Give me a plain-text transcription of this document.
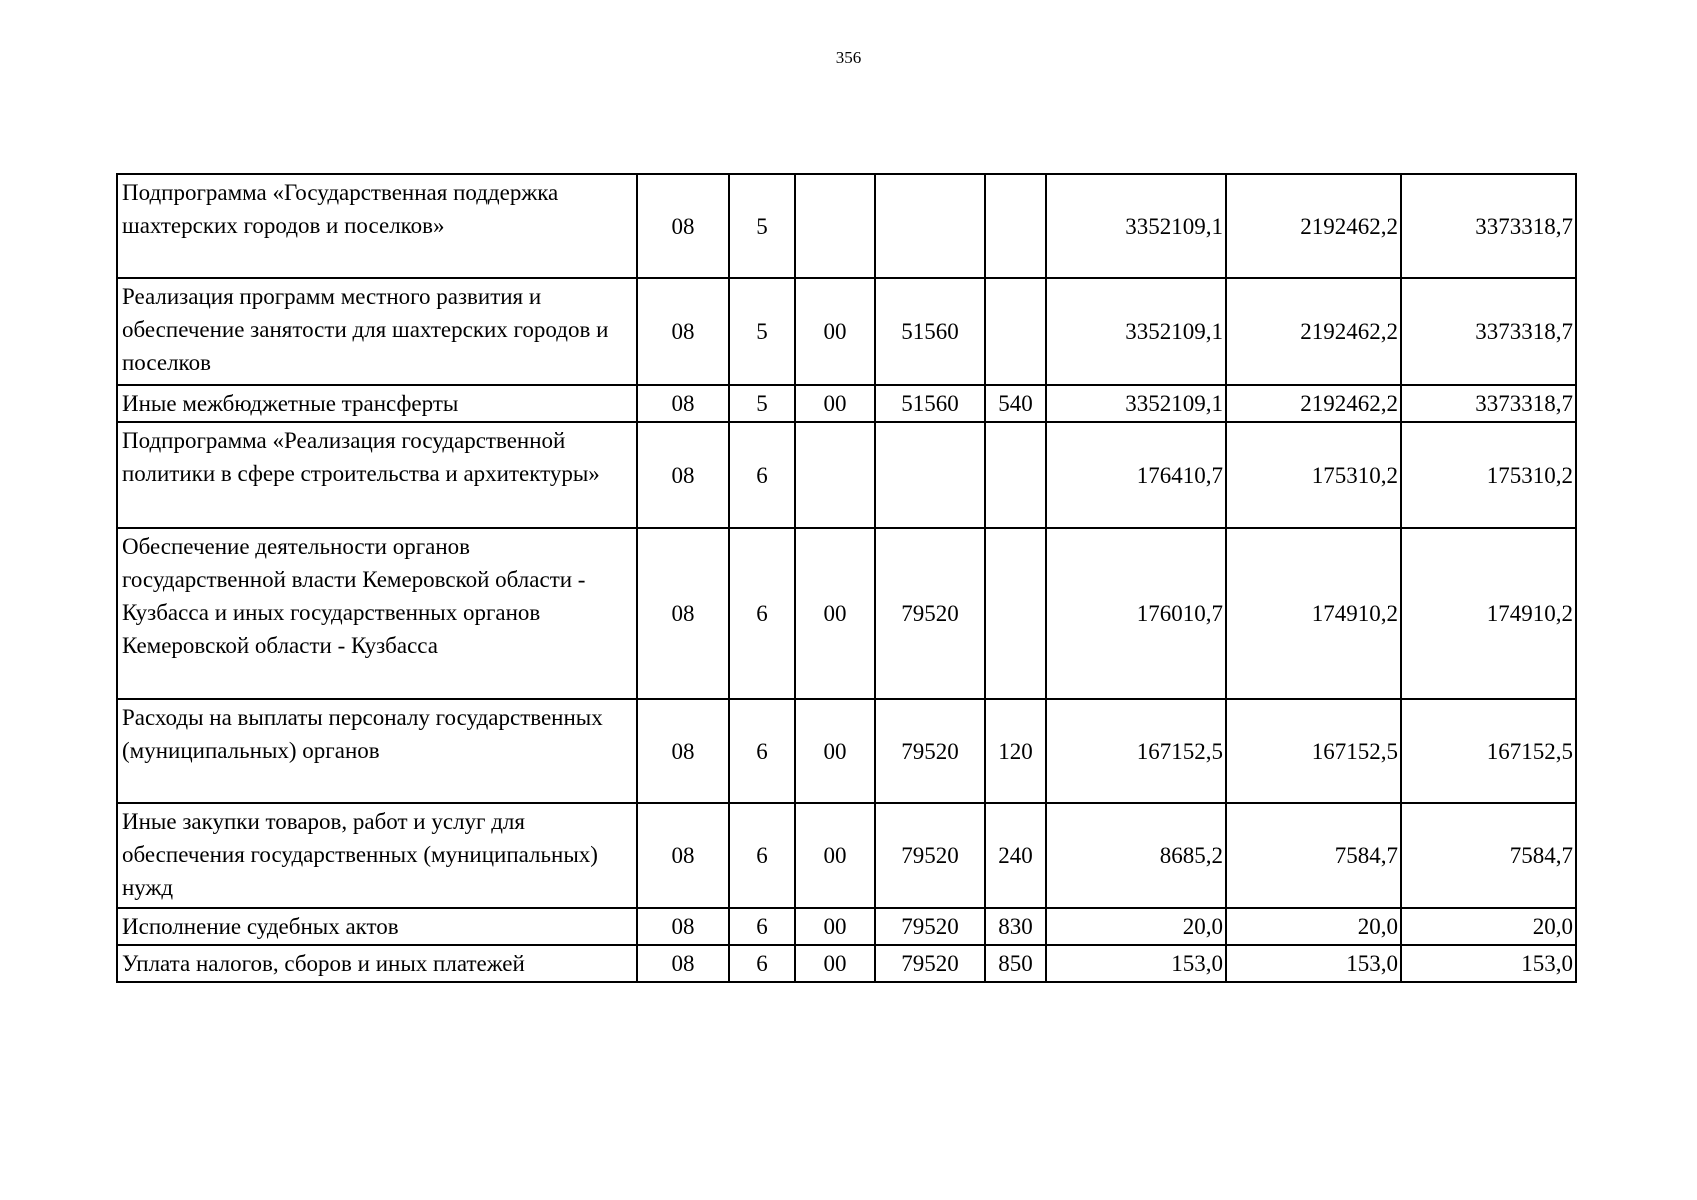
356
Подпрограмма «Государственная поддержка шахтерских городов и поселков»	08	5				3352109,1	2192462,2	3373318,7
Реализация программ местного развития и обеспечение занятости для шахтерских городов и поселков	08	5	00	51560		3352109,1	2192462,2	3373318,7
Иные межбюджетные трансферты	08	5	00	51560	540	3352109,1	2192462,2	3373318,7
Подпрограмма «Реализация государственной политики в сфере строительства и архитектуры»	08	6				176410,7	175310,2	175310,2
Обеспечение деятельности органов государственной власти Кемеровской области - Кузбасса и иных государственных органов Кемеровской области - Кузбасса	08	6	00	79520		176010,7	174910,2	174910,2
Расходы на выплаты персоналу государственных (муниципальных) органов	08	6	00	79520	120	167152,5	167152,5	167152,5
Иные закупки товаров, работ и услуг для обеспечения государственных (муниципальных) нужд	08	6	00	79520	240	8685,2	7584,7	7584,7
Исполнение судебных актов	08	6	00	79520	830	20,0	20,0	20,0
Уплата налогов, сборов и иных платежей	08	6	00	79520	850	153,0	153,0	153,0
